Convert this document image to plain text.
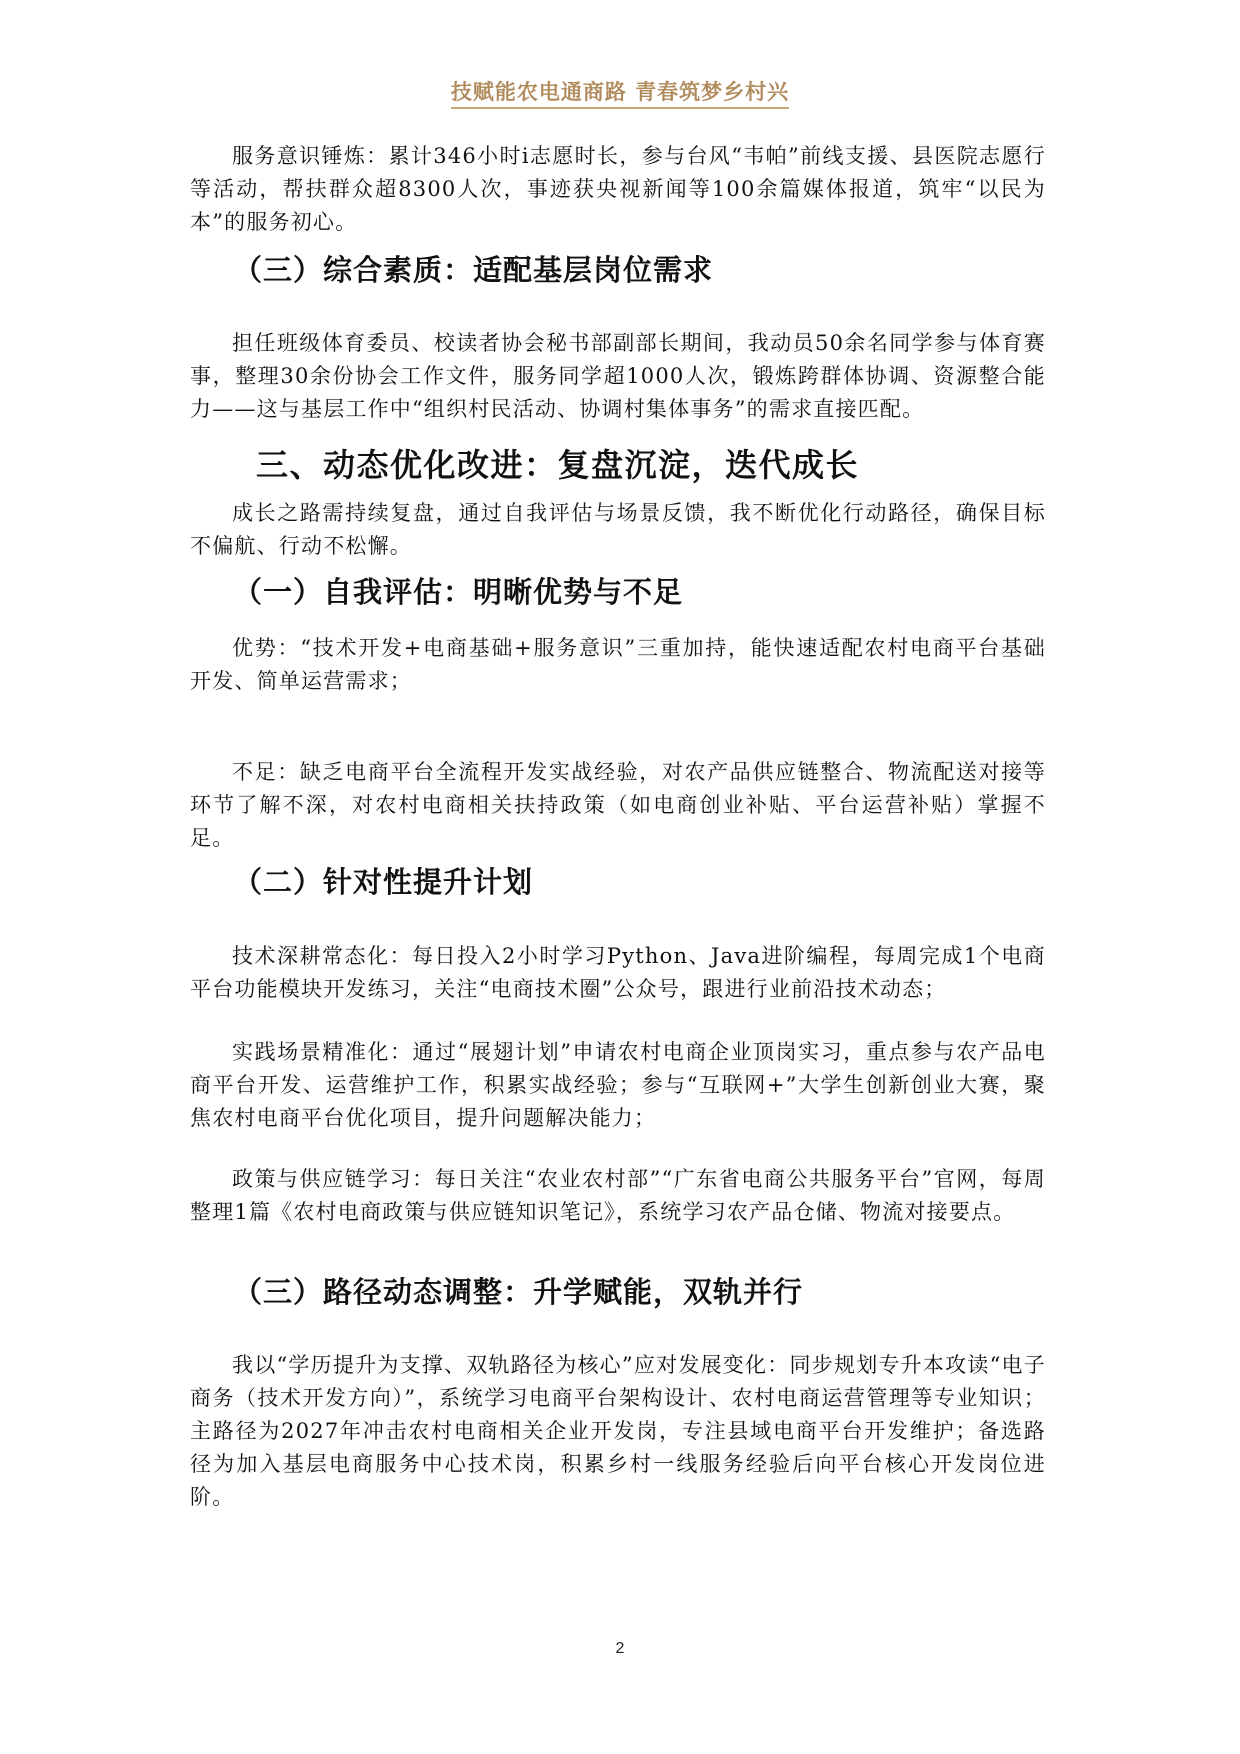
技赋能农电通商路 青春筑梦乡村兴

服务意识锤炼：累计346小时i志愿时长，参与台风“韦帕”前线支援、县医院志愿行等活动，帮扶群众超8300人次，事迹获央视新闻等100余篇媒体报道，筑牢“以民为本”的服务初心。

（三）综合素质：适配基层岗位需求

担任班级体育委员、校读者协会秘书部副部长期间，我动员50余名同学参与体育赛事，整理30余份协会工作文件，服务同学超1000人次，锻炼跨群体协调、资源整合能力——这与基层工作中“组织村民活动、协调村集体事务”的需求直接匹配。

三、动态优化改进：复盘沉淀，迭代成长

成长之路需持续复盘，通过自我评估与场景反馈，我不断优化行动路径，确保目标不偏航、行动不松懈。

（一）自我评估：明晰优势与不足

优势：“技术开发+电商基础+服务意识”三重加持，能快速适配农村电商平台基础开发、简单运营需求；

不足：缺乏电商平台全流程开发实战经验，对农产品供应链整合、物流配送对接等环节了解不深，对农村电商相关扶持政策（如电商创业补贴、平台运营补贴）掌握不足。

（二）针对性提升计划

技术深耕常态化：每日投入2小时学习Python、Java进阶编程，每周完成1个电商平台功能模块开发练习，关注“电商技术圈”公众号，跟进行业前沿技术动态；

实践场景精准化：通过“展翅计划”申请农村电商企业顶岗实习，重点参与农产品电商平台开发、运营维护工作，积累实战经验；参与“互联网+”大学生创新创业大赛，聚焦农村电商平台优化项目，提升问题解决能力；

政策与供应链学习：每日关注“农业农村部”“广东省电商公共服务平台”官网，每周整理1篇《农村电商政策与供应链知识笔记》，系统学习农产品仓储、物流对接要点。

（三）路径动态调整：升学赋能，双轨并行

我以“学历提升为支撑、双轨路径为核心”应对发展变化：同步规划专升本攻读“电子商务（技术开发方向）”，系统学习电商平台架构设计、农村电商运营管理等专业知识；主路径为2027年冲击农村电商相关企业开发岗，专注县域电商平台开发维护；备选路径为加入基层电商服务中心技术岗，积累乡村一线服务经验后向平台核心开发岗位进阶。

2
